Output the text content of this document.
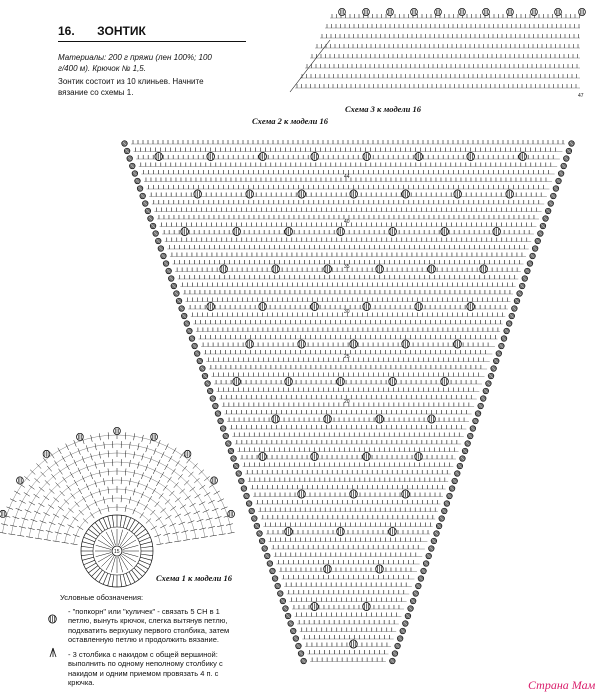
16. ЗОНТИК
Материалы: 200 г пряжи (лен 100%; 100 г/400 м). Крючок № 1,5.
Зонтик состоит из 10 клиньев. Начните вязание со схемы 1.	47
44
40
35
30
25
20
15
Схема 3 к модели 16
Схема 2 к модели 16
Схема 1 к модели 16
Условные обозначения:
- "попкорн" или "куличек" - связать 5 СН в 1 петлю, вынуть крючок, слегка вытянув петлю, подхватить верхушку первого столбика, затем оставленную петлю и продолжить вязание.
- 3 столбика с накидом с общей вершиной: выполнить по одному неполному столбику с накидом и одним приемом провязать 4 п. с крючка.	Страна Мам
